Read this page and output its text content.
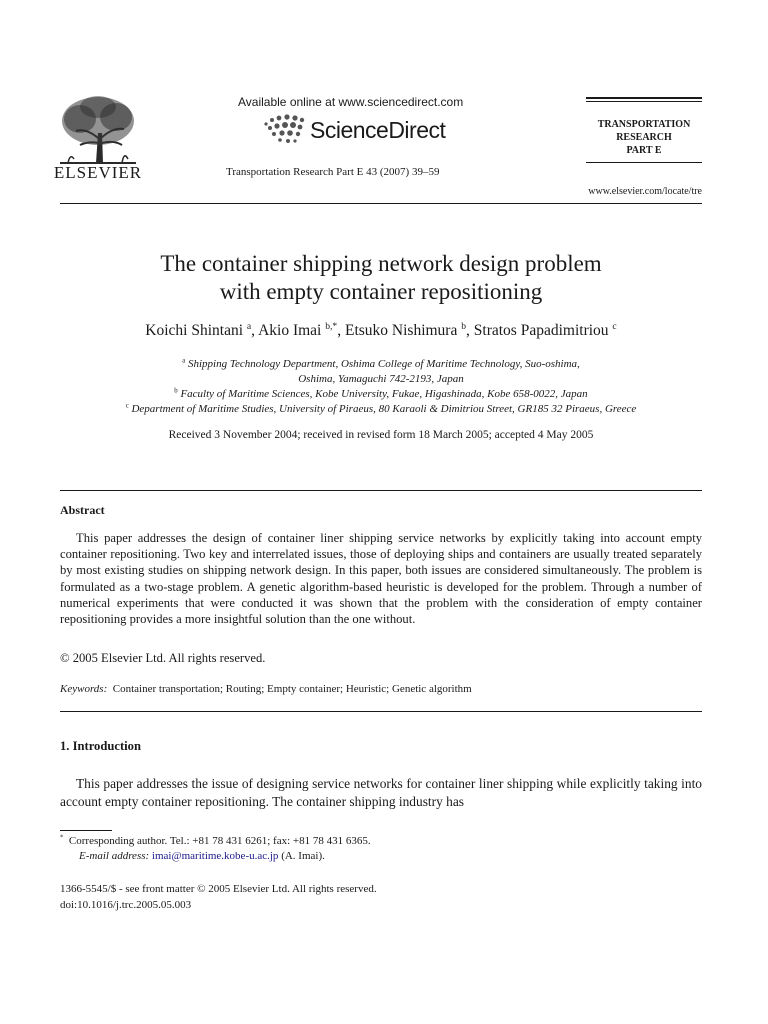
ELSEVIER
Available online at www.sciencedirect.com
ScienceDirect
Transportation Research Part E 43 (2007) 39–59
TRANSPORTATION
RESEARCH
PART E
www.elsevier.com/locate/tre
The container shipping network design problem
with empty container repositioning
Koichi Shintani $^a$, Akio Imai $^{b,*}$, Etsuko Nishimura $^b$, Stratos Papadimitriou $^c$
$^a$ Shipping Technology Department, Oshima College of Maritime Technology, Suo-oshima,
Oshima, Yamaguchi 742-2193, Japan
$^b$ Faculty of Maritime Sciences, Kobe University, Fukae, Higashinada, Kobe 658-0022, Japan
$^c$ Department of Maritime Studies, University of Piraeus, 80 Karaoli & Dimitriou Street, GR185 32 Piraeus, Greece
Received 3 November 2004; received in revised form 18 March 2005; accepted 4 May 2005
Abstract
This paper addresses the design of container liner shipping service networks by explicitly taking into account empty container repositioning. Two key and interrelated issues, those of deploying ships and containers are usually treated separately by most existing studies on shipping network design. In this paper, both issues are considered simultaneously. The problem is formulated as a two-stage problem. A genetic algorithm-based heuristic is developed for the problem. Through a number of numerical experiments that were conducted it was shown that the problem with the consideration of empty container repositioning provides a more insightful solution than the one without.
© 2005 Elsevier Ltd. All rights reserved.
Keywords: Container transportation; Routing; Empty container; Heuristic; Genetic algorithm
1. Introduction
This paper addresses the issue of designing service networks for container liner shipping while explicitly taking into account empty container repositioning. The container shipping industry has
* Corresponding author. Tel.: +81 78 431 6261; fax: +81 78 431 6365.
E-mail address: imai@maritime.kobe-u.ac.jp (A. Imai).
1366-5545/$ - see front matter © 2005 Elsevier Ltd. All rights reserved.
doi:10.1016/j.trc.2005.05.003
